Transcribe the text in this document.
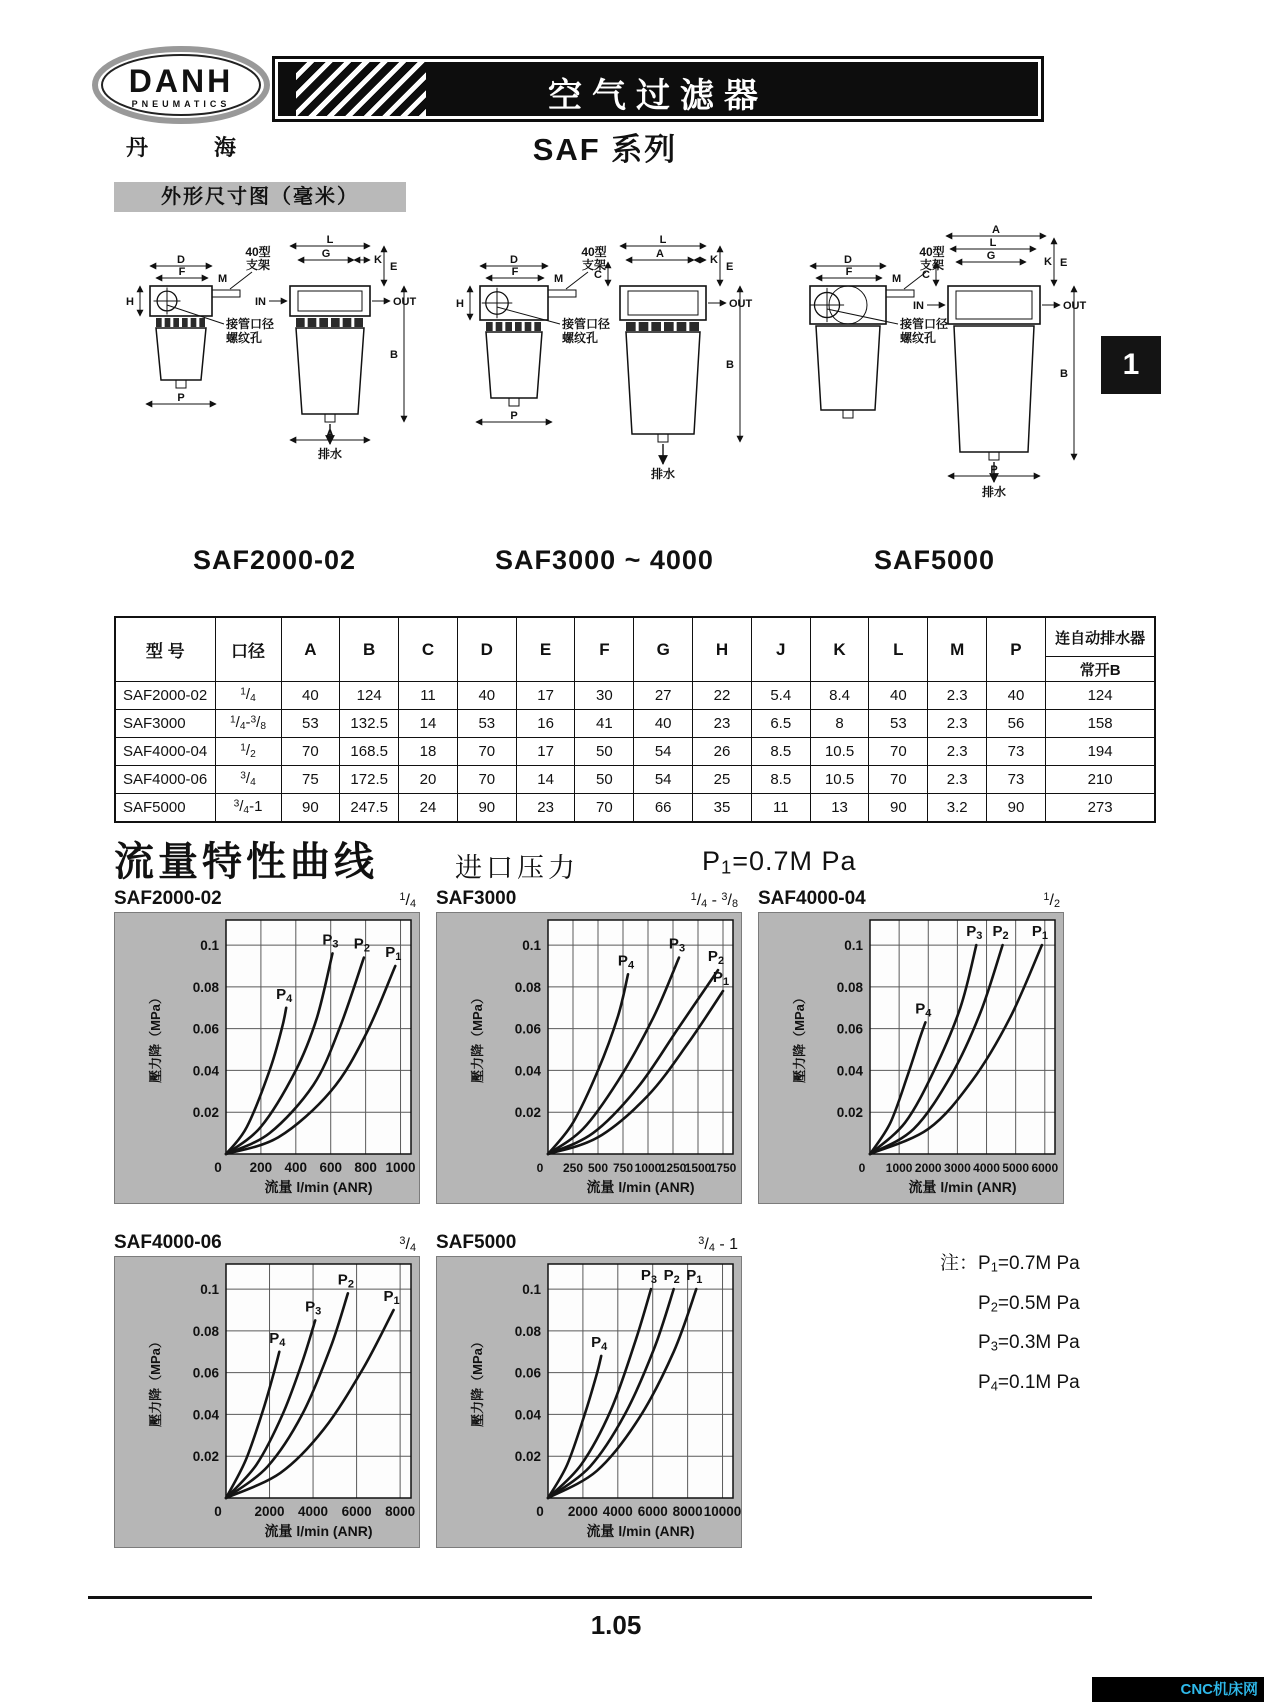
DANH
PNEUMATICS
丹 海
空气过滤器
SAF 系列
外形尺寸图（毫米）
D
F
M
40型
支架
H
接管口径
螺纹孔
P
L
G	K
E
IN	OUT
排水
B
A
D
F
M
40型
支架
H
接管口径
螺纹孔
P
L
A	K
E
C
OUT
排水
B
D
F
M
40型
支架
接管口径
螺纹孔
A
L
G	K E
C
IN	OUT
排水
B
P
SAF2000-02	SAF3000 ~ 4000	SAF5000
型 号	口径	A	B	C	D	E	F	G	H	J	K	L	M	P	连自动排水器
															常开B
SAF2000-02	$^1/_4$	40	124	11	40	17	30	27	22	5.4	8.4	40	2.3	40	124
SAF3000	$^1/_4-^3/_8$	53	132.5	14	53	16	41	40	23	6.5	8	53	2.3	56	158
SAF4000-04	$^1/_2$	70	168.5	18	70	17	50	54	26	8.5	10.5	70	2.3	73	194
SAF4000-06	$^3/_4$	75	172.5	20	70	14	50	54	25	8.5	10.5	70	2.3	73	210
SAF5000	$^3/_4-1$	90	247.5	24	90	23	70	66	35	11	13	90	3.2	90	273
流量特性曲线	进口压力	$P_1=0.7M$ Pa
SAF2000-02	$^1/_4$
$P_1$
$P_2$
$P_3$
$P_4$
0.1
0.08
0.06
0.04
0.02
0 200 400 600 800 1000
流量 l/min (ANR)
壓力降（MPa）
SAF3000	$^1/_4 - ^3/_8$
$P_1$
$P_2$
$P_3$
$P_4$
0.1
0.08
0.06
0.04
0.02
0 250 500 750 1000
1250
1500
1750
流量 l/min (ANR)
壓力降（MPa）
SAF4000-04	$^1/_2$
$P_1$
$P_2$
$P_3$
$P_4$
0.1
0.08
0.06
0.04
0.02
0 1000 2000 3000 4000 5000 6000
流量 l/min (ANR)
壓力降（MPa）
SAF4000-06	$^3/_4$
$P_1$
$P_2$
$P_3$
$P_4$
0.1
0.08
0.06
0.04
0.02
0 2000 4000 6000 8000
流量 l/min (ANR)
壓力降（MPa）
SAF5000	$^3/_4 - 1$
$P_1$
$P_2$
$P_3$
$P_4$
0.1
0.08
0.06
0.04
0.02
0 2000 4000 6000 8000 10000
流量 l/min (ANR)
壓力降（MPa）
注：$P_1=0.7M$ Pa
$P_2=0.5M$ Pa
$P_3=0.3M$ Pa
$P_4=0.1M$ Pa
1.05
1
CNC机床网
